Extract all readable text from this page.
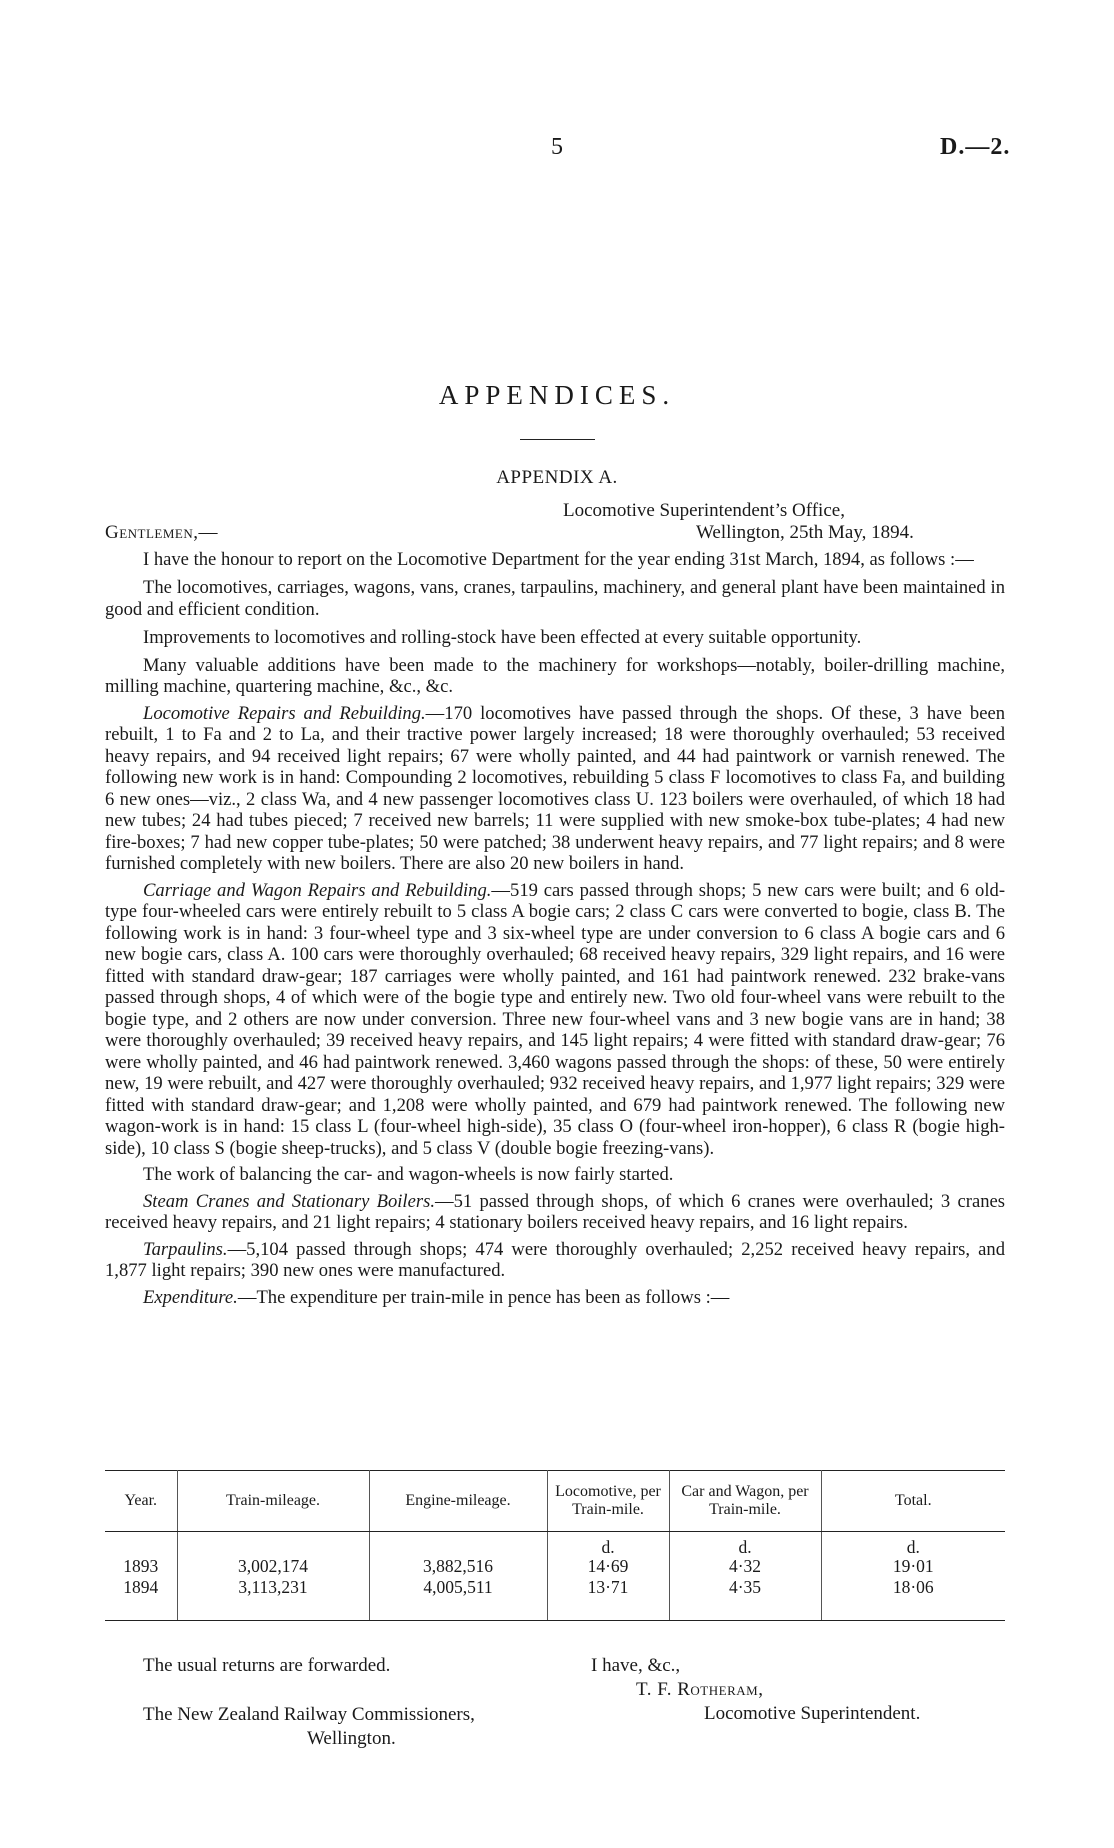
5	D.—2.
APPENDICES.
APPENDIX A.
Locomotive Superintendent’s Office,
Gentlemen,—	Wellington, 25th May, 1894.

I have the honour to report on the Locomotive Department for the year ending 31st March, 1894, as follows :—

The locomotives, carriages, wagons, vans, cranes, tarpaulins, machinery, and general plant have been maintained in good and efficient condition.

Improvements to locomotives and rolling-stock have been effected at every suitable opportunity.

Many valuable additions have been made to the machinery for workshops—notably, boiler-drilling machine, milling machine, quartering machine, &c., &c.

Locomotive Repairs and Rebuilding.—170 locomotives have passed through the shops. Of these, 3 have been rebuilt, 1 to Fa and 2 to La, and their tractive power largely increased; 18 were thoroughly overhauled; 53 received heavy repairs, and 94 received light repairs; 67 were wholly painted, and 44 had paintwork or varnish renewed. The following new work is in hand: Compounding 2 locomotives, rebuilding 5 class F locomotives to class Fa, and building 6 new ones—viz., 2 class Wa, and 4 new passenger locomotives class U. 123 boilers were overhauled, of which 18 had new tubes; 24 had tubes pieced; 7 received new barrels; 11 were supplied with new smoke-box tube-plates; 4 had new fire-boxes; 7 had new copper tube-plates; 50 were patched; 38 underwent heavy repairs, and 77 light repairs; and 8 were furnished completely with new boilers. There are also 20 new boilers in hand.

Carriage and Wagon Repairs and Rebuilding.—519 cars passed through shops; 5 new cars were built; and 6 old-type four-wheeled cars were entirely rebuilt to 5 class A bogie cars; 2 class C cars were converted to bogie, class B. The following work is in hand: 3 four-wheel type and 3 six-wheel type are under conversion to 6 class A bogie cars and 6 new bogie cars, class A. 100 cars were thoroughly overhauled; 68 received heavy repairs, 329 light repairs, and 16 were fitted with standard draw-gear; 187 carriages were wholly painted, and 161 had paintwork renewed. 232 brake-vans passed through shops, 4 of which were of the bogie type and entirely new. Two old four-wheel vans were rebuilt to the bogie type, and 2 others are now under conversion. Three new four-wheel vans and 3 new bogie vans are in hand; 38 were thoroughly overhauled; 39 received heavy repairs, and 145 light repairs; 4 were fitted with standard draw-gear; 76 were wholly painted, and 46 had paintwork renewed. 3,460 wagons passed through the shops: of these, 50 were entirely new, 19 were rebuilt, and 427 were thoroughly overhauled; 932 received heavy repairs, and 1,977 light repairs; 329 were fitted with standard draw-gear; and 1,208 were wholly painted, and 679 had paintwork renewed. The following new wagon-work is in hand: 15 class L (four-wheel high-side), 35 class O (four-wheel iron-hopper), 6 class R (bogie high-side), 10 class S (bogie sheep-trucks), and 5 class V (double bogie freezing-vans).

The work of balancing the car- and wagon-wheels is now fairly started.

Steam Cranes and Stationary Boilers.—51 passed through shops, of which 6 cranes were overhauled; 3 cranes received heavy repairs, and 21 light repairs; 4 stationary boilers received heavy repairs, and 16 light repairs.

Tarpaulins.—5,104 passed through shops; 474 were thoroughly overhauled; 2,252 received heavy repairs, and 1,877 light repairs; 390 new ones were manufactured.

Expenditure.—The expenditure per train-mile in pence has been as follows :—

Year.	Train-mileage.	Engine-mileage.	Locomotive, per Train-mile.	Car and Wagon, per Train-mile.	Total.
			d.	d.	d.
1893	3,002,174	3,882,516	14·69	4·32	19·01
1894	3,113,231	4,005,511	13·71	4·35	18·06
The usual returns are forwarded.	I have, &c.,
T. F. Rotheram,
Locomotive Superintendent.
The New Zealand Railway Commissioners,
Wellington.
